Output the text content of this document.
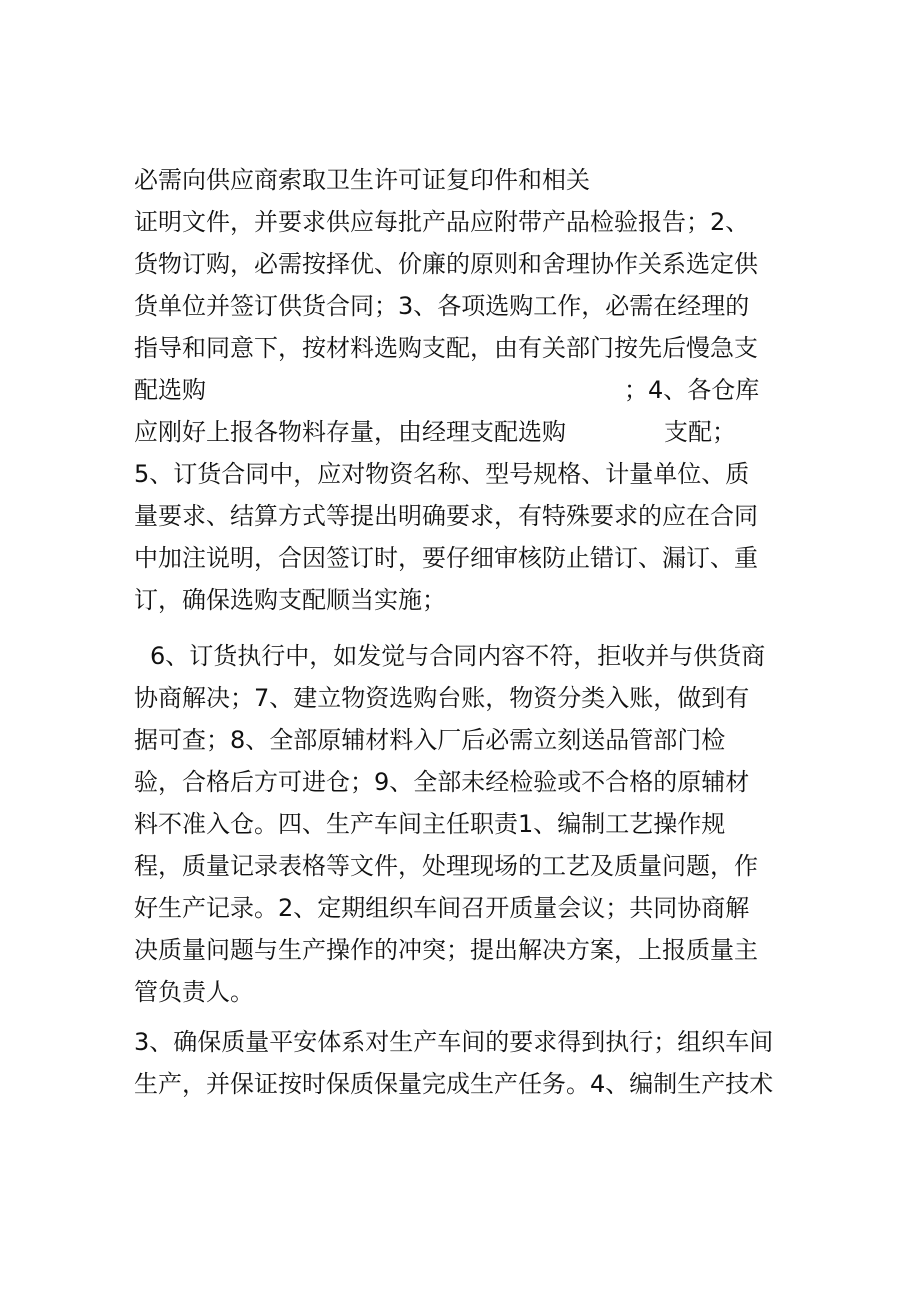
必需向供应商索取卫生许可证复印件和相关
证明文件，并要求供应每批产品应附带产品检验报告；2、
货物订购，必需按择优、价廉的原则和舍理协作关系选定供
货单位并签订供货合同；3、各项选购工作，必需在经理的
指导和同意下，按材料选购支配，由有关部门按先后慢急支
配选购	；4、各仓库
应刚好上报各物料存量，由经理支配选购	支配；
5、订货合同中，应对物资名称、型号规格、计量单位、质
量要求、结算方式等提出明确要求，有特殊要求的应在合同
中加注说明，合因签订时，要仔细审核防止错订、漏订、重
订，确保选购支配顺当实施；
6、订货执行中，如发觉与合同内容不符，拒收并与供货商
协商解决；7、建立物资选购台账，物资分类入账，做到有
据可查；8、全部原辅材料入厂后必需立刻送品管部门检
验，合格后方可进仓；9、全部未经检验或不合格的原辅材
料不准入仓。四、生产车间主任职责1、编制工艺操作规
程，质量记录表格等文件，处理现场的工艺及质量问题，作
好生产记录。2、定期组织车间召开质量会议；共同协商解
决质量问题与生产操作的冲突；提出解决方案，上报质量主
管负责人。
3、确保质量平安体系对生产车间的要求得到执行；组织车间
生产，并保证按时保质保量完成生产任务。4、编制生产技术
